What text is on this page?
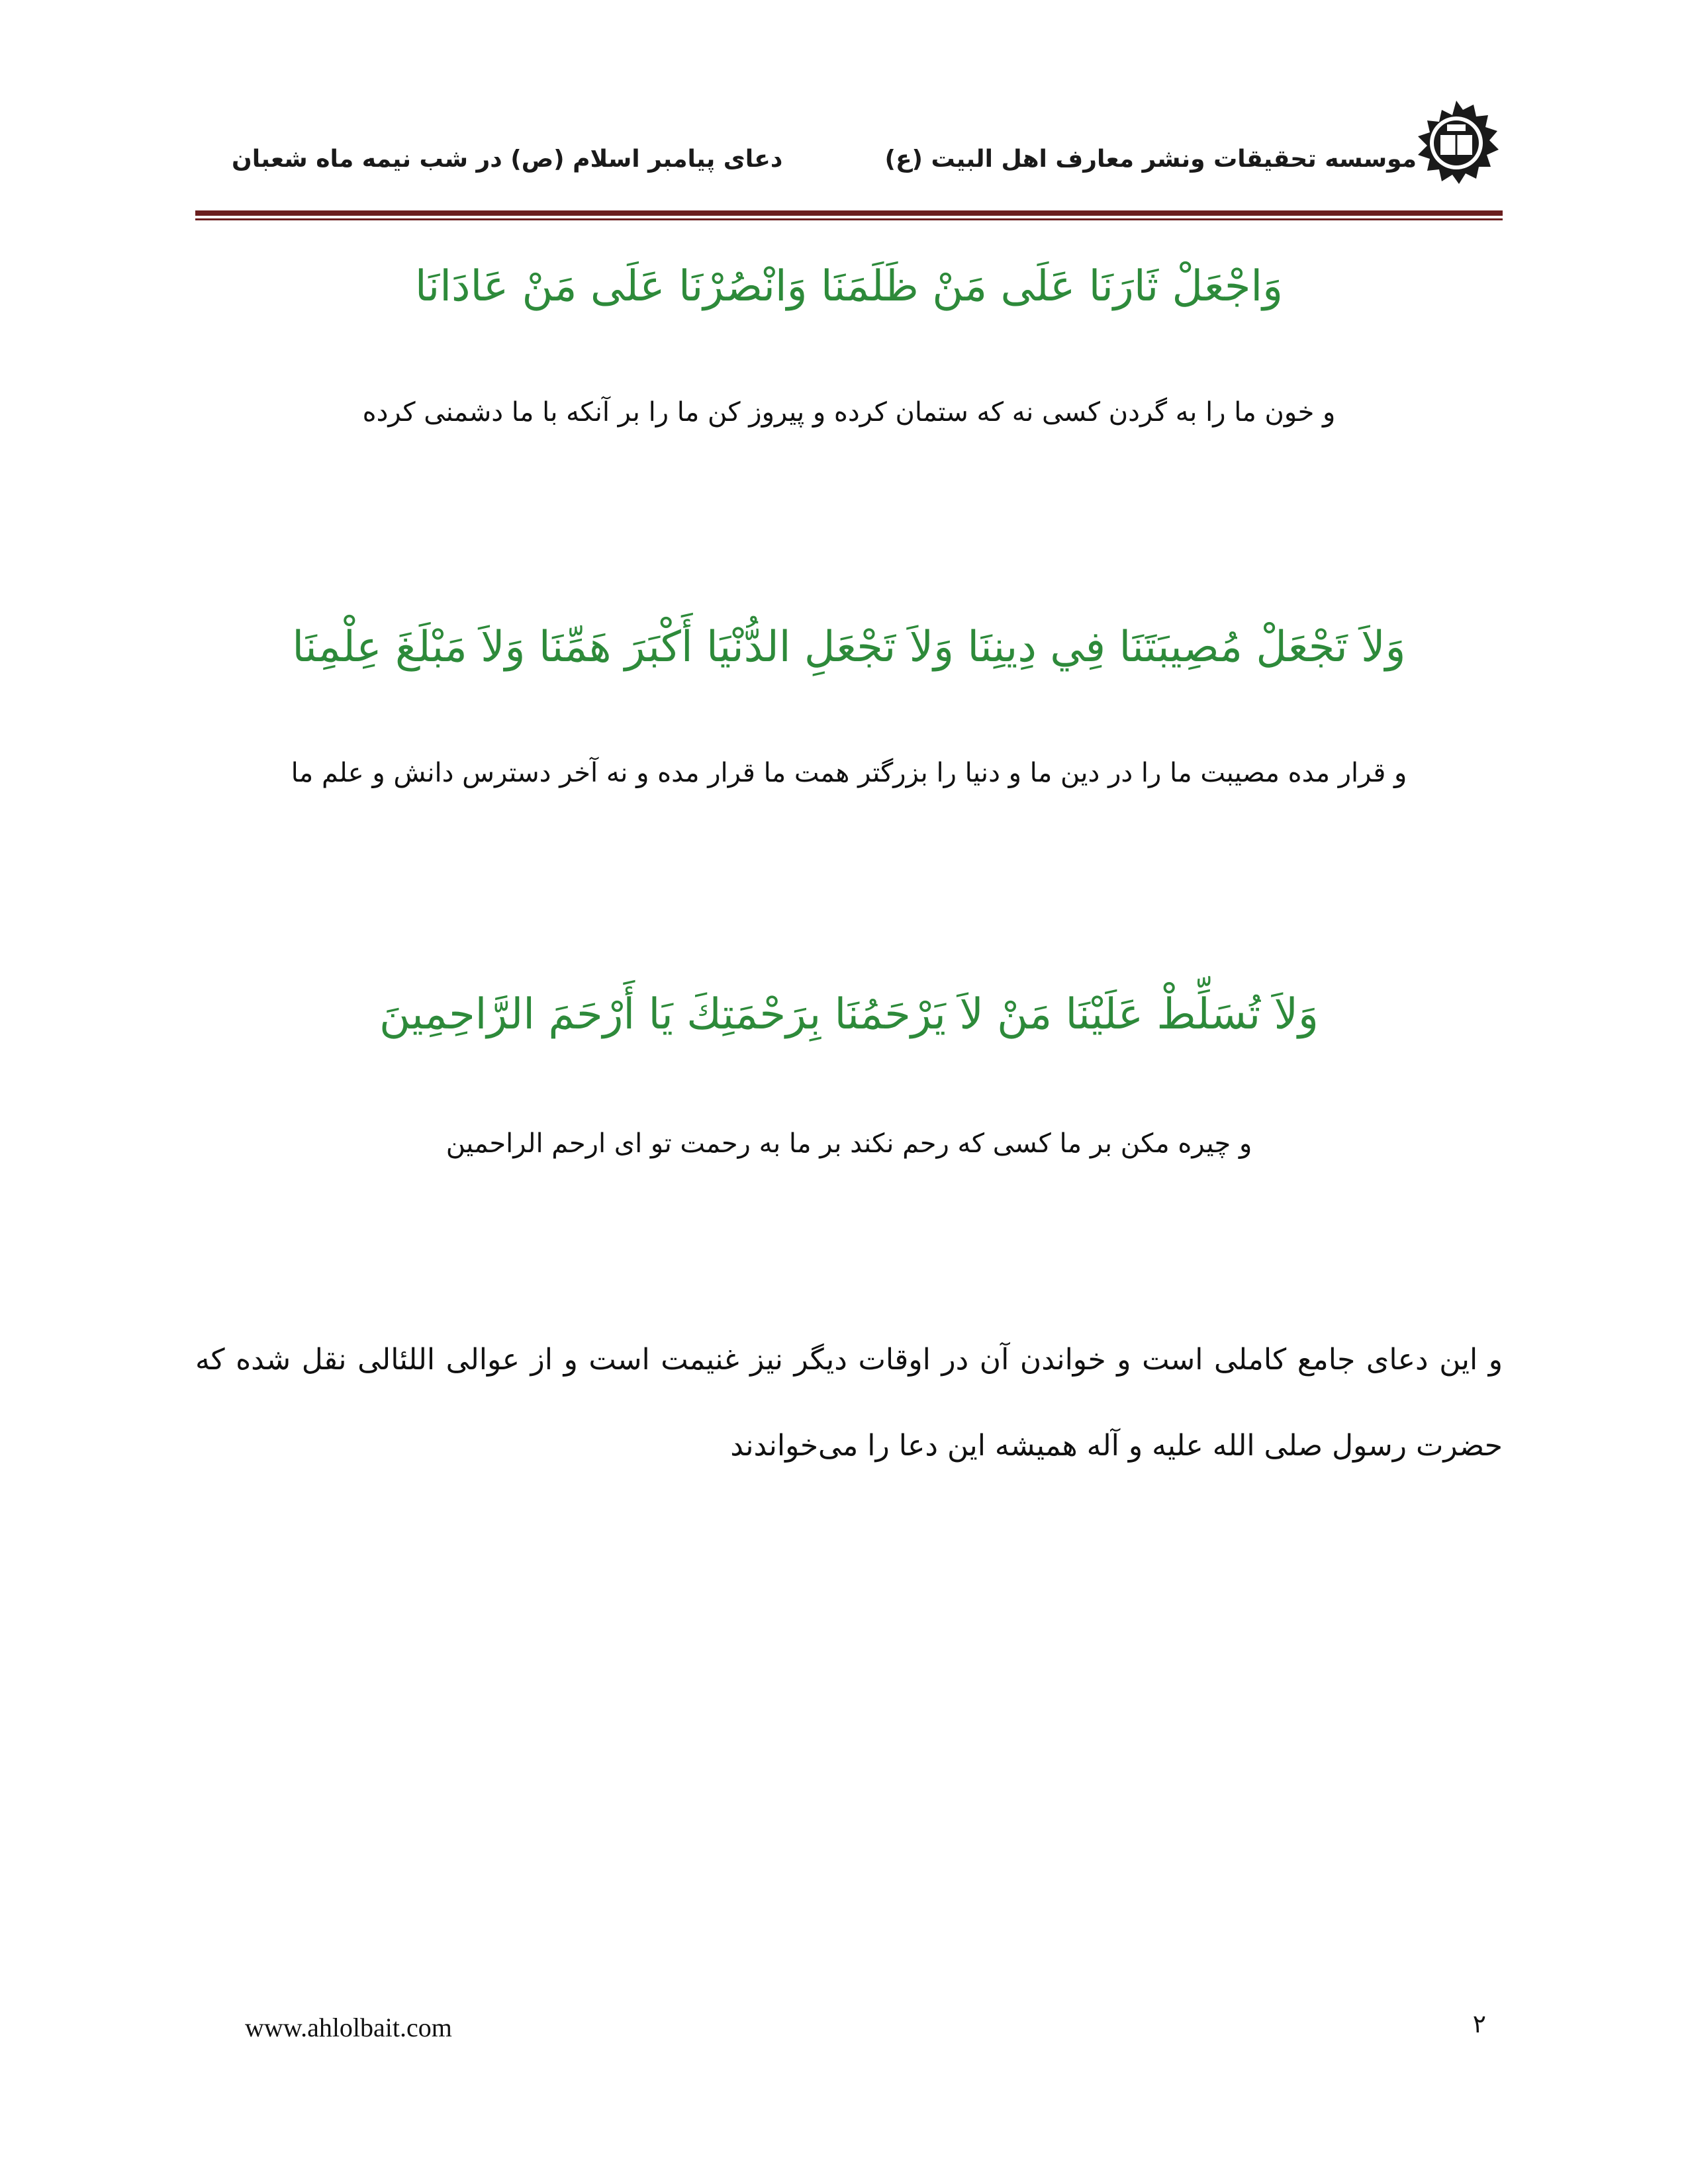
موسسه تحقیقات ونشر معارف اهل البیت (ع)
دعای پیامبر اسلام (ص) در شب نیمه ماه شعبان
وَاجْعَلْ ثَارَنَا عَلَى مَنْ ظَلَمَنَا وَانْصُرْنَا عَلَى مَنْ عَادَانَا
و خون ما را به گردن کسی نه که ستمان کرده و پیروز کن ما را بر آنکه با ما دشمنی کرده
وَلاَ تَجْعَلْ مُصِيبَتَنَا فِي دِينِنَا وَلاَ تَجْعَلِ الدُّنْيَا أَكْبَرَ هَمِّنَا وَلاَ مَبْلَغَ عِلْمِنَا
و قرار مده مصیبت ما را در دین ما و دنیا را بزرگتر همت ما قرار مده و نه آخر دسترس دانش و علم ما
وَلاَ تُسَلِّطْ عَلَيْنَا مَنْ لاَ يَرْحَمُنَا بِرَحْمَتِكَ يَا أَرْحَمَ الرَّاحِمِينَ
و چیره مکن بر ما کسی که رحم نکند بر ما به رحمت تو ای ارحم الراحمین
و این دعای جامع کاملی است و خواندن آن در اوقات دیگر نیز غنیمت است و از عوالی اللئالی نقل شده که حضرت رسول صلی الله علیه و آله همیشه این دعا را می‌خواندند
www.ahlolbait.com	۲
